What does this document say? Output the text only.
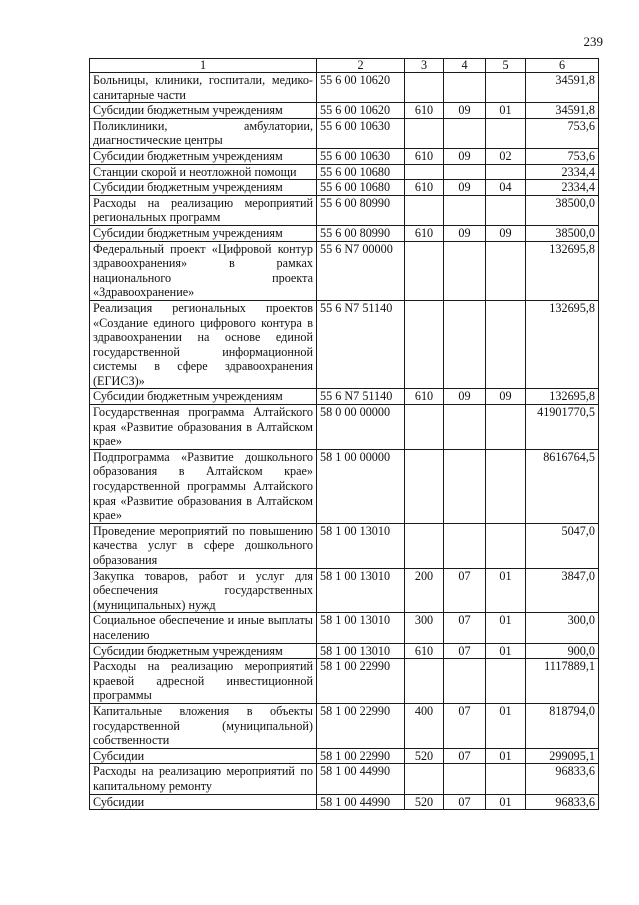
239
1	2	3	4	5	6
Больницы, клиники, госпитали, медико-санитарные части	55 6 00 10620				34591,8
Субсидии бюджетным учреждениям	55 6 00 10620	610	09	01	34591,8
Поликлиники, амбулатории, диагностические центры	55 6 00 10630				753,6
Субсидии бюджетным учреждениям	55 6 00 10630	610	09	02	753,6
Станции скорой и неотложной помощи	55 6 00 10680				2334,4
Субсидии бюджетным учреждениям	55 6 00 10680	610	09	04	2334,4
Расходы на реализацию мероприятий региональных программ	55 6 00 80990				38500,0
Субсидии бюджетным учреждениям	55 6 00 80990	610	09	09	38500,0
Федеральный проект «Цифровой контур здравоохранения» в рамках национального проекта «Здравоохранение»	55 6 N7 00000				132695,8
Реализация региональных проектов «Создание единого цифрового контура в здравоохранении на основе единой государственной информационной системы в сфере здравоохранения (ЕГИСЗ)»	55 6 N7 51140				132695,8
Субсидии бюджетным учреждениям	55 6 N7 51140	610	09	09	132695,8
Государственная программа Алтайского края «Развитие образования в Алтайском крае»	58 0 00 00000				41901770,5
Подпрограмма «Развитие дошкольного образования в Алтайском крае» государственной программы Алтайского края «Развитие образования в Алтайском крае»	58 1 00 00000				8616764,5
Проведение мероприятий по повышению качества услуг в сфере дошкольного образования	58 1 00 13010				5047,0
Закупка товаров, работ и услуг для обеспечения государственных (муниципальных) нужд	58 1 00 13010	200	07	01	3847,0
Социальное обеспечение и иные выплаты населению	58 1 00 13010	300	07	01	300,0
Субсидии бюджетным учреждениям	58 1 00 13010	610	07	01	900,0
Расходы на реализацию мероприятий краевой адресной инвестиционной программы	58 1 00 22990				1117889,1
Капитальные вложения в объекты государственной (муниципальной) собственности	58 1 00 22990	400	07	01	818794,0
Субсидии	58 1 00 22990	520	07	01	299095,1
Расходы на реализацию мероприятий по капитальному ремонту	58 1 00 44990				96833,6
Субсидии	58 1 00 44990	520	07	01	96833,6
